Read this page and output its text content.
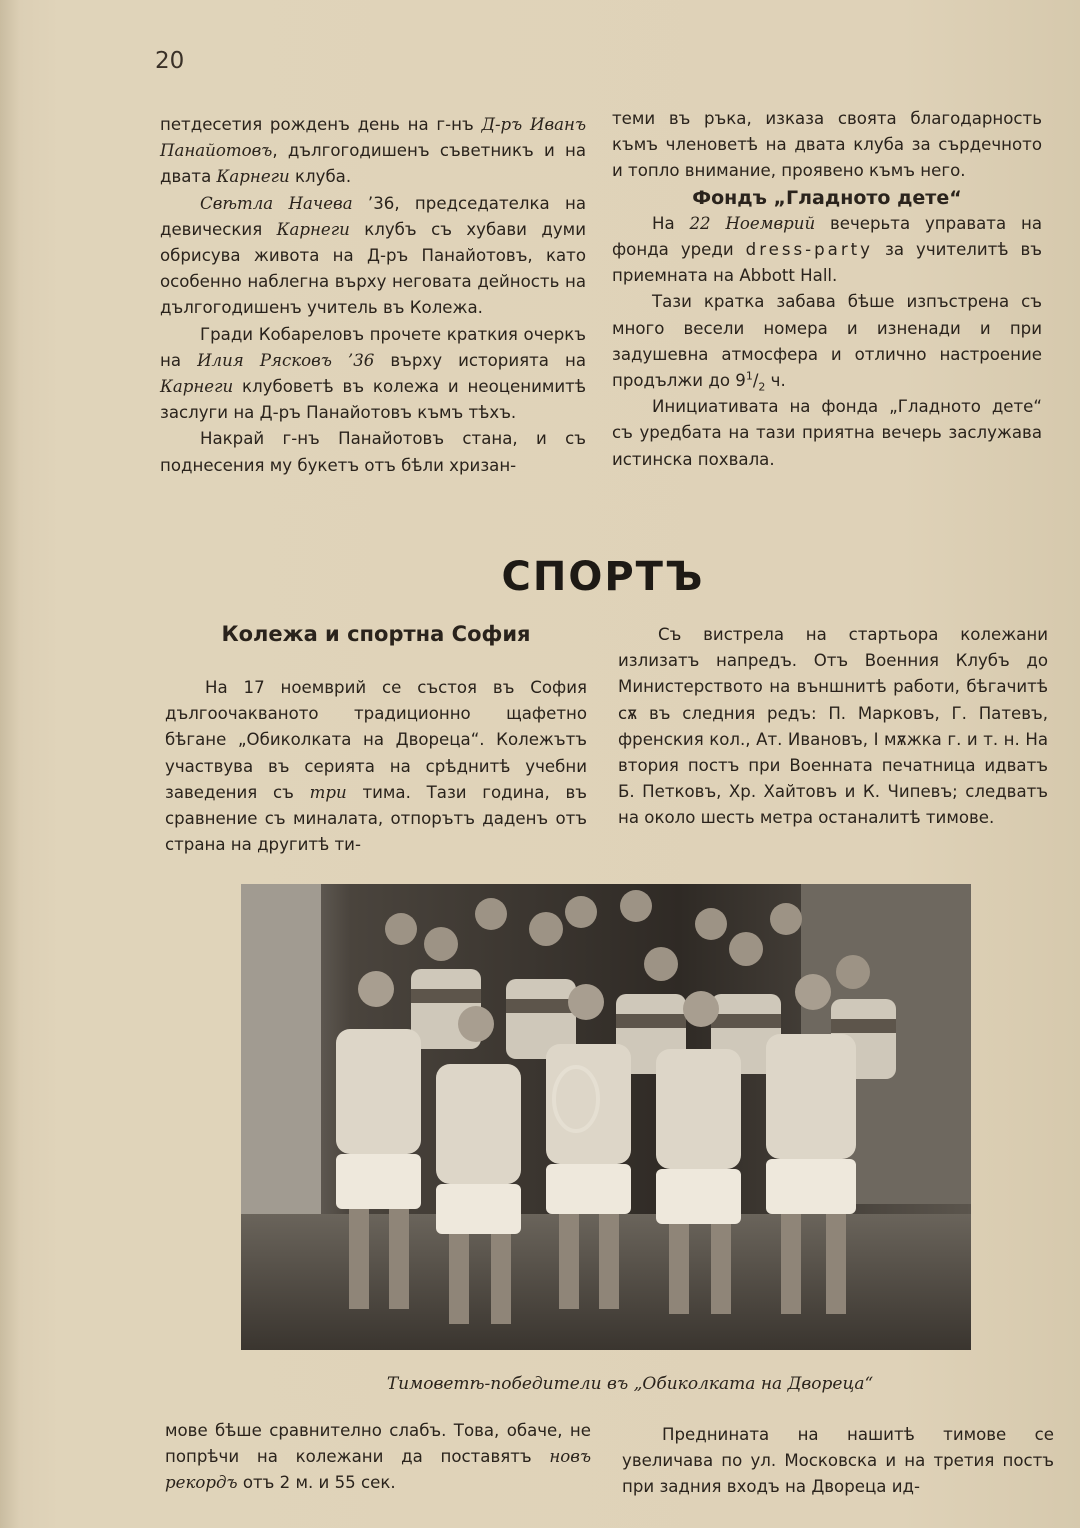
20

петдесетия рожденъ день на г-нъ Д-ръ Иванъ Панайотовъ, дългогодишенъ съветникъ и на двата Карнеги клуба.

Свѣтла Начева ’36, председателка на девическия Карнеги клубъ съ хубави думи обрисува живота на Д-ръ Панайотовъ, като особенно наблегна върху неговата дейность на дългогодишенъ учитель въ Колежа.

Гради Кобареловъ прочете краткия очеркъ на Илия Рясковъ ’36 върху историята на Карнеги клубоветѣ въ колежа и неоценимитѣ заслуги на Д-ръ Панайотовъ къмъ тѣхъ.

Накрай г-нъ Панайотовъ стана, и съ поднесения му букетъ отъ бѣли хризан-

теми въ ръка, изказа своята благодарность къмъ членоветѣ на двата клуба за сърдечното и топло внимание, проявено къмъ него.

Фондъ „Гладното дете“

На 22 Ноемврий вечерьта управата на фонда уреди dress-party за учителитѣ въ приемната на Abbott Hall.

Тази кратка забава бѣше изпъстрена съ много весели номера и изненади и при задушевна атмосфера и отлично настроение продължи до $9^1/_2$ ч.

Инициативата на фонда „Гладното дете“ съ уредбата на тази приятна вечерь заслужава истинска похвала.

СПОРТЪ
Колежа и спортна София

На 17 ноемврий се състоя въ София дългоочакваното традиционно щафетно бѣгане „Обиколката на Двореца“. Колежътъ участвува въ серията на срѣднитѣ учебни заведения съ три тима. Тази година, въ сравнение съ миналата, отпорътъ даденъ отъ страна на другитѣ ти-

Съ вистрела на стартьора колежани излизатъ напредъ. Отъ Военния Клубъ до Министерството на външнитѣ работи, бѣгачитѣ сѫ въ следния редъ: П. Марковъ, Г. Патевъ, френския кол., Ат. Ивановъ, I мѫжка г. и т. н. На втория постъ при Военната печатница идватъ Б. Петковъ, Хр. Хайтовъ и К. Чипевъ; следватъ на около шесть метра останалитѣ тимове.

Тимоветѣ-победители въ „Обиколката на Двореца“

мове бѣше сравнително слабъ. Това, обаче, не попрѣчи на колежани да поставятъ новъ рекордъ отъ 2 м. и 55 сек.

Преднината на нашитѣ тимове се увеличава по ул. Московска и на третия постъ при задния входъ на Двореца ид-
